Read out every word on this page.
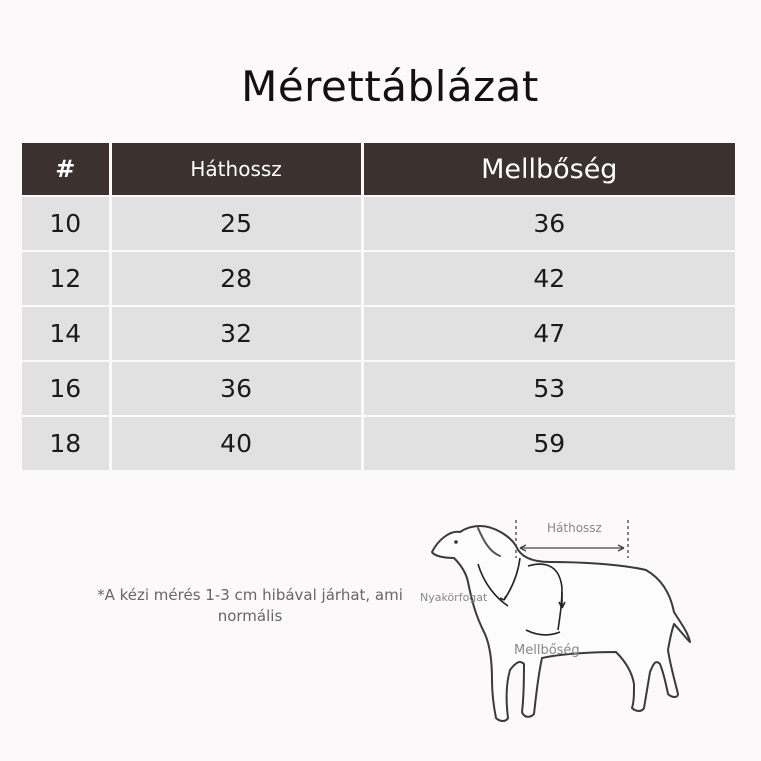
Mérettáblázat
#	Háthossz	Mellbőség
10	25	36
12	28	42
14	32	47
16	36	53
18	40	59
*A kézi mérés 1-3 cm hibával járhat, ami normális
Háthossz
Nyakörfogat
Mellbőség
